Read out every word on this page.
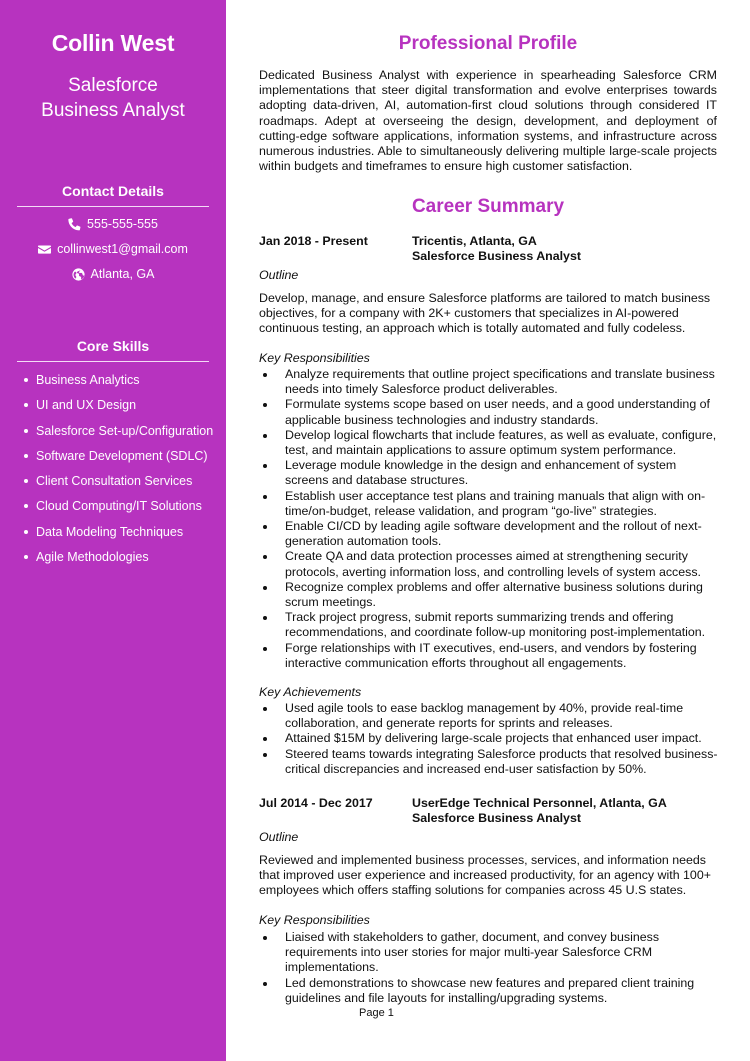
Collin West
Salesforce Business Analyst
Contact Details
555-555-555
collinwest1@gmail.com
Atlanta, GA
Core Skills
Business Analytics
UI and UX Design
Salesforce Set-up/Configuration
Software Development (SDLC)
Client Consultation Services
Cloud Computing/IT Solutions
Data Modeling Techniques
Agile Methodologies
Professional Profile
Dedicated Business Analyst with experience in spearheading Salesforce CRM implementations that steer digital transformation and evolve enterprises towards adopting data-driven, AI, automation-first cloud solutions through considered IT roadmaps. Adept at overseeing the design, development, and deployment of cutting-edge software applications, information systems, and infrastructure across numerous industries. Able to simultaneously delivering multiple large-scale projects within budgets and timeframes to ensure high customer satisfaction.
Career Summary
Jan 2018 - Present	Tricentis, Atlanta, GA
Salesforce Business Analyst
Outline
Develop, manage, and ensure Salesforce platforms are tailored to match business objectives, for a company with 2K+ customers that specializes in AI-powered continuous testing, an approach which is totally automated and fully codeless.
Key Responsibilities
Analyze requirements that outline project specifications and translate business needs into timely Salesforce product deliverables.
Formulate systems scope based on user needs, and a good understanding of applicable business technologies and industry standards.
Develop logical flowcharts that include features, as well as evaluate, configure, test, and maintain applications to assure optimum system performance.
Leverage module knowledge in the design and enhancement of system screens and database structures.
Establish user acceptance test plans and training manuals that align with on-time/on-budget, release validation, and program “go-live” strategies.
Enable CI/CD by leading agile software development and the rollout of next-generation automation tools.
Create QA and data protection processes aimed at strengthening security protocols, averting information loss, and controlling levels of system access.
Recognize complex problems and offer alternative business solutions during scrum meetings.
Track project progress, submit reports summarizing trends and offering recommendations, and coordinate follow-up monitoring post-implementation.
Forge relationships with IT executives, end-users, and vendors by fostering interactive communication efforts throughout all engagements.
Key Achievements
Used agile tools to ease backlog management by 40%, provide real-time collaboration, and generate reports for sprints and releases.
Attained $15M by delivering large-scale projects that enhanced user impact.
Steered teams towards integrating Salesforce products that resolved business-critical discrepancies and increased end-user satisfaction by 50%.
Jul 2014 - Dec 2017	UserEdge Technical Personnel, Atlanta, GA
Salesforce Business Analyst
Outline
Reviewed and implemented business processes, services, and information needs that improved user experience and increased productivity, for an agency with 100+ employees which offers staffing solutions for companies across 45 U.S states.
Key Responsibilities
Liaised with stakeholders to gather, document, and convey business requirements into user stories for major multi-year Salesforce CRM implementations.
Led demonstrations to showcase new features and prepared client training guidelines and file layouts for installing/upgrading systems.
Page 1
